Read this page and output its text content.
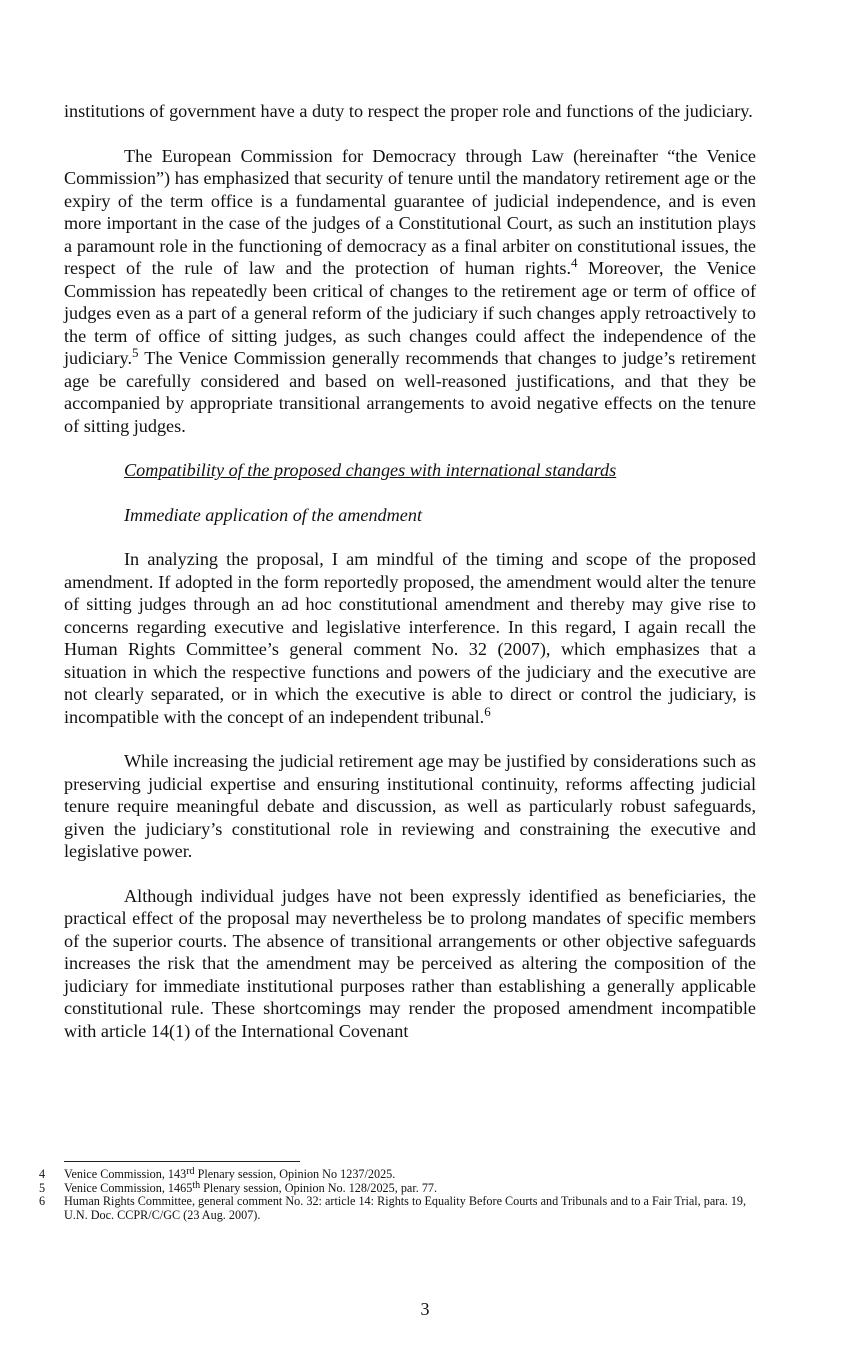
institutions of government have a duty to respect the proper role and functions of the judiciary.

The European Commission for Democracy through Law (hereinafter “the Venice Commission”) has emphasized that security of tenure until the mandatory retirement age or the expiry of the term office is a fundamental guarantee of judicial independence, and is even more important in the case of the judges of a Constitutional Court, as such an institution plays a paramount role in the functioning of democracy as a final arbiter on constitutional issues, the respect of the rule of law and the protection of human rights.$^4$ Moreover, the Venice Commission has repeatedly been critical of changes to the retirement age or term of office of judges even as a part of a general reform of the judiciary if such changes apply retroactively to the term of office of sitting judges, as such changes could affect the independence of the judiciary.$^5$ The Venice Commission generally recommends that changes to judge’s retirement age be carefully considered and based on well-reasoned justifications, and that they be accompanied by appropriate transitional arrangements to avoid negative effects on the tenure of sitting judges.

Compatibility of the proposed changes with international standards
Immediate application of the amendment

In analyzing the proposal, I am mindful of the timing and scope of the proposed amendment. If adopted in the form reportedly proposed, the amendment would alter the tenure of sitting judges through an ad hoc constitutional amendment and thereby may give rise to concerns regarding executive and legislative interference. In this regard, I again recall the Human Rights Committee’s general comment No. 32 (2007), which emphasizes that a situation in which the respective functions and powers of the judiciary and the executive are not clearly separated, or in which the executive is able to direct or control the judiciary, is incompatible with the concept of an independent tribunal.$^6$

While increasing the judicial retirement age may be justified by considerations such as preserving judicial expertise and ensuring institutional continuity, reforms affecting judicial tenure require meaningful debate and discussion, as well as particularly robust safeguards, given the judiciary’s constitutional role in reviewing and constraining the executive and legislative power.

Although individual judges have not been expressly identified as beneficiaries, the practical effect of the proposal may nevertheless be to prolong mandates of specific members of the superior courts. The absence of transitional arrangements or other objective safeguards increases the risk that the amendment may be perceived as altering the composition of the judiciary for immediate institutional purposes rather than establishing a generally applicable constitutional rule. These shortcomings may render the proposed amendment incompatible with article 14(1) of the International Covenant

4 Venice Commission, 143rd Plenary session, Opinion No 1237/2025.
5 Venice Commission, 1465th Plenary session, Opinion No. 128/2025, par. 77.
6 Human Rights Committee, general comment No. 32: article 14: Rights to Equality Before Courts and Tribunals and to a Fair Trial, para. 19, U.N. Doc. CCPR/C/GC (23 Aug. 2007).
3
